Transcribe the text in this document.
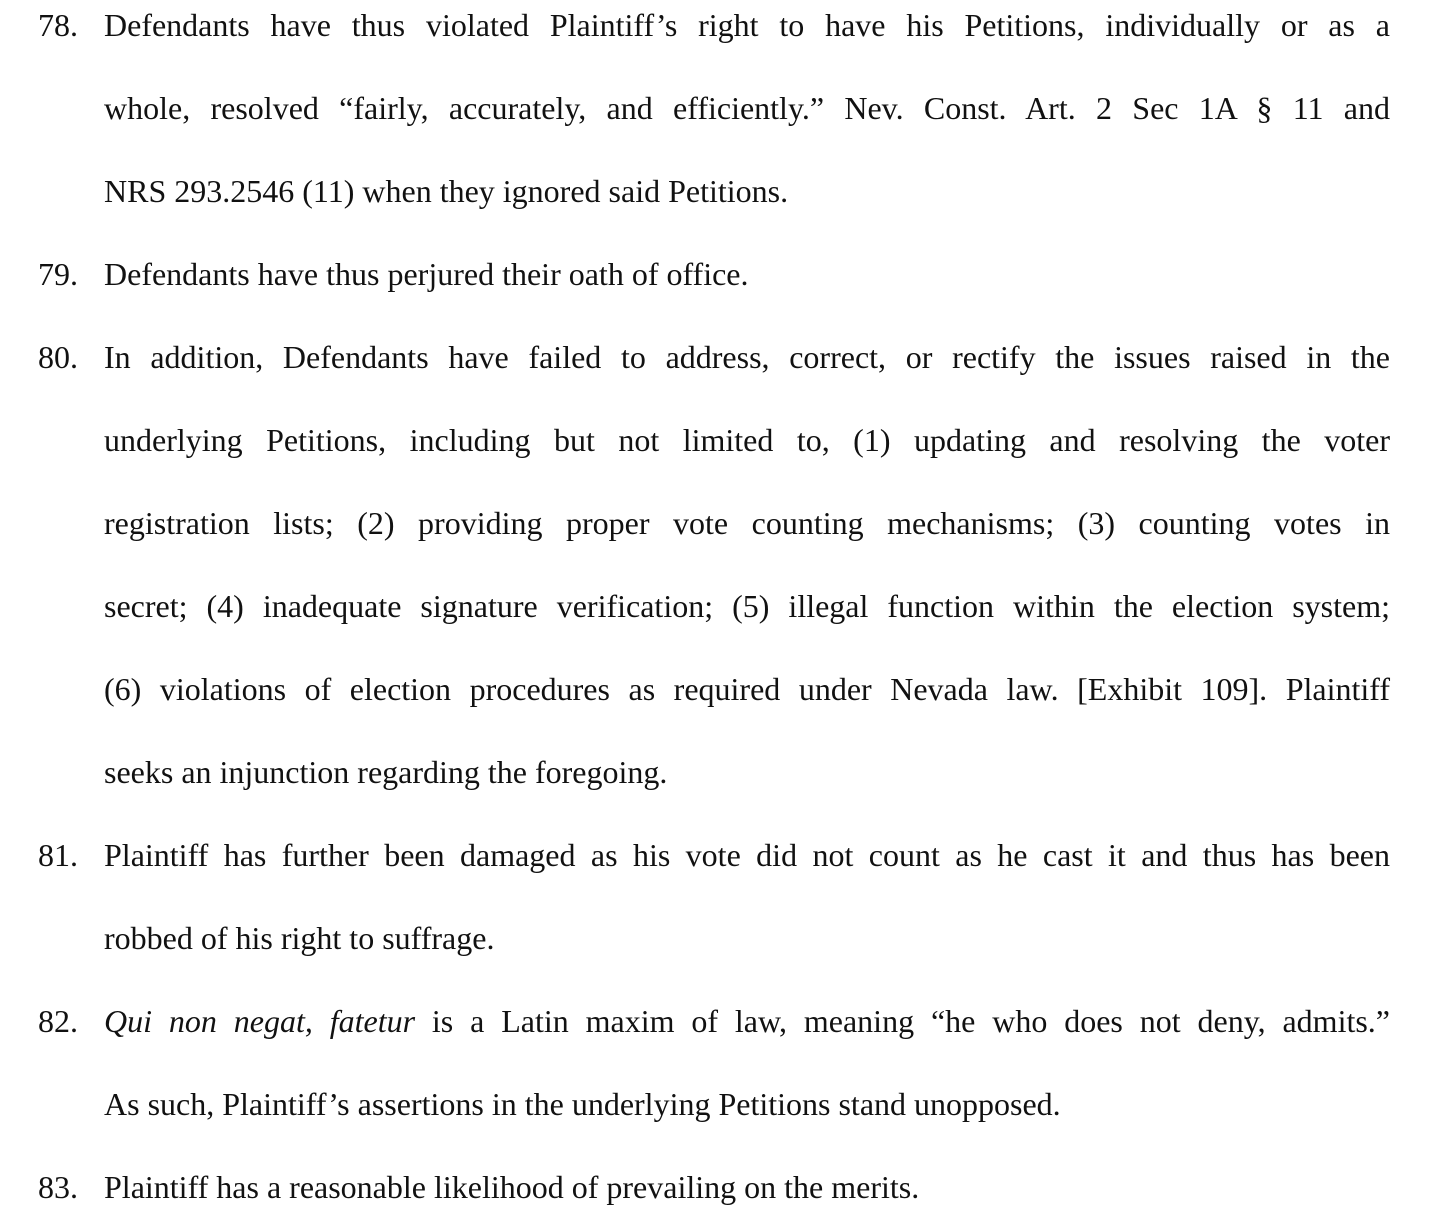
78. Defendants have thus violated Plaintiff’s right to have his Petitions, individually or as a
whole, resolved “fairly, accurately, and efficiently.” Nev. Const. Art. 2 Sec 1A § 11 and
NRS 293.2546 (11) when they ignored said Petitions.
79. Defendants have thus perjured their oath of office.
80. In addition, Defendants have failed to address, correct, or rectify the issues raised in the
underlying Petitions, including but not limited to, (1) updating and resolving the voter
registration lists; (2) providing proper vote counting mechanisms; (3) counting votes in
secret; (4) inadequate signature verification; (5) illegal function within the election system;
(6) violations of election procedures as required under Nevada law. [Exhibit 109]. Plaintiff
seeks an injunction regarding the foregoing.
81. Plaintiff has further been damaged as his vote did not count as he cast it and thus has been
robbed of his right to suffrage.
82. Qui non negat, fatetur is a Latin maxim of law, meaning “he who does not deny, admits.”
As such, Plaintiff’s assertions in the underlying Petitions stand unopposed.
83. Plaintiff has a reasonable likelihood of prevailing on the merits.
